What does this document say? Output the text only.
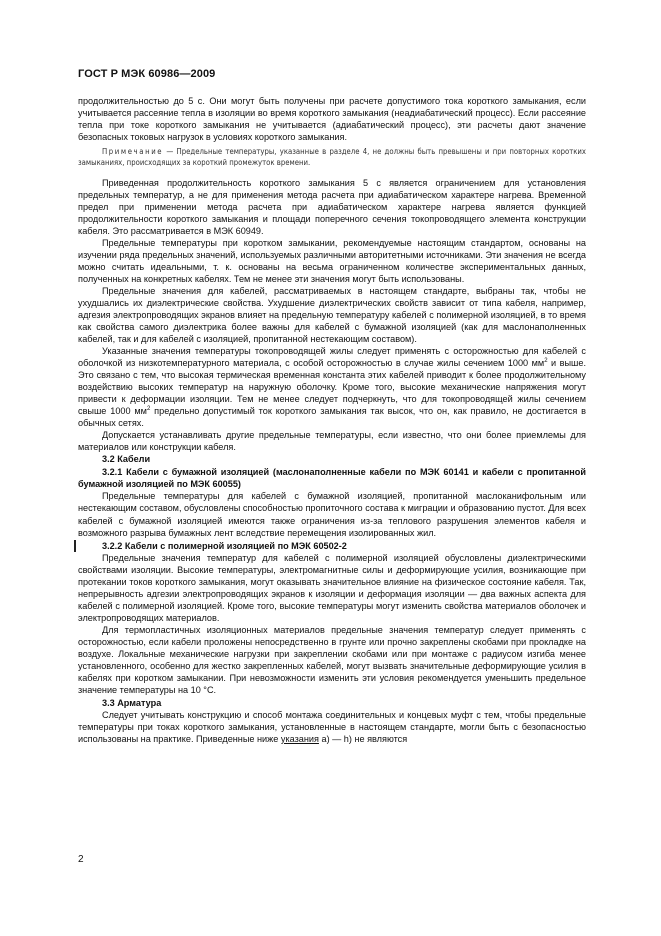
ГОСТ Р МЭК 60986—2009

продолжительностью до 5 с. Они могут быть получены при расчете допустимого тока короткого замыкания, если учитывается рассеяние тепла в изоляции во время короткого замыкания (неадиабатический процесс). Если рассеяние тепла при токе короткого замыкания не учитывается (адиабатический процесс), эти расчеты дают значение безопасных токовых нагрузок в условиях короткого замыкания.

Примечание — Предельные температуры, указанные в разделе 4, не должны быть превышены и при повторных коротких замыканиях, происходящих за короткий промежуток времени.

Приведенная продолжительность короткого замыкания 5 с является ограничением для установления предельных температур, а не для применения метода расчета при адиабатическом характере нагрева. Временной предел при применении метода расчета при адиабатическом характере нагрева является функцией продолжительности короткого замыкания и площади поперечного сечения токопроводящего элемента конструкции кабеля. Это рассматривается в МЭК 60949.

Предельные температуры при коротком замыкании, рекомендуемые настоящим стандартом, основаны на изучении ряда предельных значений, используемых различными авторитетными источниками. Эти значения не всегда можно считать идеальными, т. к. основаны на весьма ограниченном количестве экспериментальных данных, полученных на конкретных кабелях. Тем не менее эти значения могут быть использованы.

Предельные значения для кабелей, рассматриваемых в настоящем стандарте, выбраны так, чтобы не ухудшались их диэлектрические свойства. Ухудшение диэлектрических свойств зависит от типа кабеля, например, адгезия электропроводящих экранов влияет на предельную температуру кабелей с полимерной изоляцией, в то время как свойства самого диэлектрика более важны для кабелей с бумажной изоляцией (как для маслонаполненных кабелей, так и для кабелей с изоляцией, пропитанной нестекающим составом).

Указанные значения температуры токопроводящей жилы следует применять с осторожностью для кабелей с оболочкой из низкотемпературного материала, с особой осторожностью в случае жилы сечением 1000 $мм^2$ и выше. Это связано с тем, что высокая термическая временная константа этих кабелей приводит к более продолжительному воздействию высоких температур на наружную оболочку. Кроме того, высокие механические напряжения могут привести к деформации изоляции. Тем не менее следует подчеркнуть, что для токопроводящей жилы сечением свыше 1000 $мм^2$ предельно допустимый ток короткого замыкания так высок, что он, как правило, не достигается в обычных сетях.

Допускается устанавливать другие предельные температуры, если известно, что они более приемлемы для материалов или конструкции кабеля.

3.2 Кабели

3.2.1 Кабели с бумажной изоляцией (маслонаполненные кабели по МЭК 60141 и кабели с пропитанной бумажной изоляцией по МЭК 60055)

Предельные температуры для кабелей с бумажной изоляцией, пропитанной маслоканифольным или нестекающим составом, обусловлены способностью пропиточного состава к миграции и образованию пустот. Для всех кабелей с бумажной изоляцией имеются также ограничения из-за теплового разрушения элементов кабеля и возможного разрыва бумажных лент вследствие перемещения изолированных жил.

3.2.2 Кабели с полимерной изоляцией по МЭК 60502-2

Предельные значения температур для кабелей с полимерной изоляцией обусловлены диэлектрическими свойствами изоляции. Высокие температуры, электромагнитные силы и деформирующие усилия, возникающие при протекании токов короткого замыкания, могут оказывать значительное влияние на физическое состояние кабеля. Так, непрерывность адгезии электропроводящих экранов к изоляции и деформация изоляции — два важных аспекта для кабелей с полимерной изоляцией. Кроме того, высокие температуры могут изменить свойства материалов оболочек и электропроводящих материалов.

Для термопластичных изоляционных материалов предельные значения температур следует применять с осторожностью, если кабели проложены непосредственно в грунте или прочно закреплены скобами при прокладке на воздухе. Локальные механические нагрузки при закреплении скобами или при монтаже с радиусом изгиба менее установленного, особенно для жестко закрепленных кабелей, могут вызвать значительные деформирующие усилия в кабелях при коротком замыкании. При невозможности изменить эти условия рекомендуется уменьшить предельное значение температуры на 10 °С.

3.3 Арматура

Следует учитывать конструкцию и способ монтажа соединительных и концевых муфт с тем, чтобы предельные температуры при токах короткого замыкания, установленные в настоящем стандарте, могли быть с безопасностью использованы на практике. Приведенные ниже указания а) — h) не являются

2
